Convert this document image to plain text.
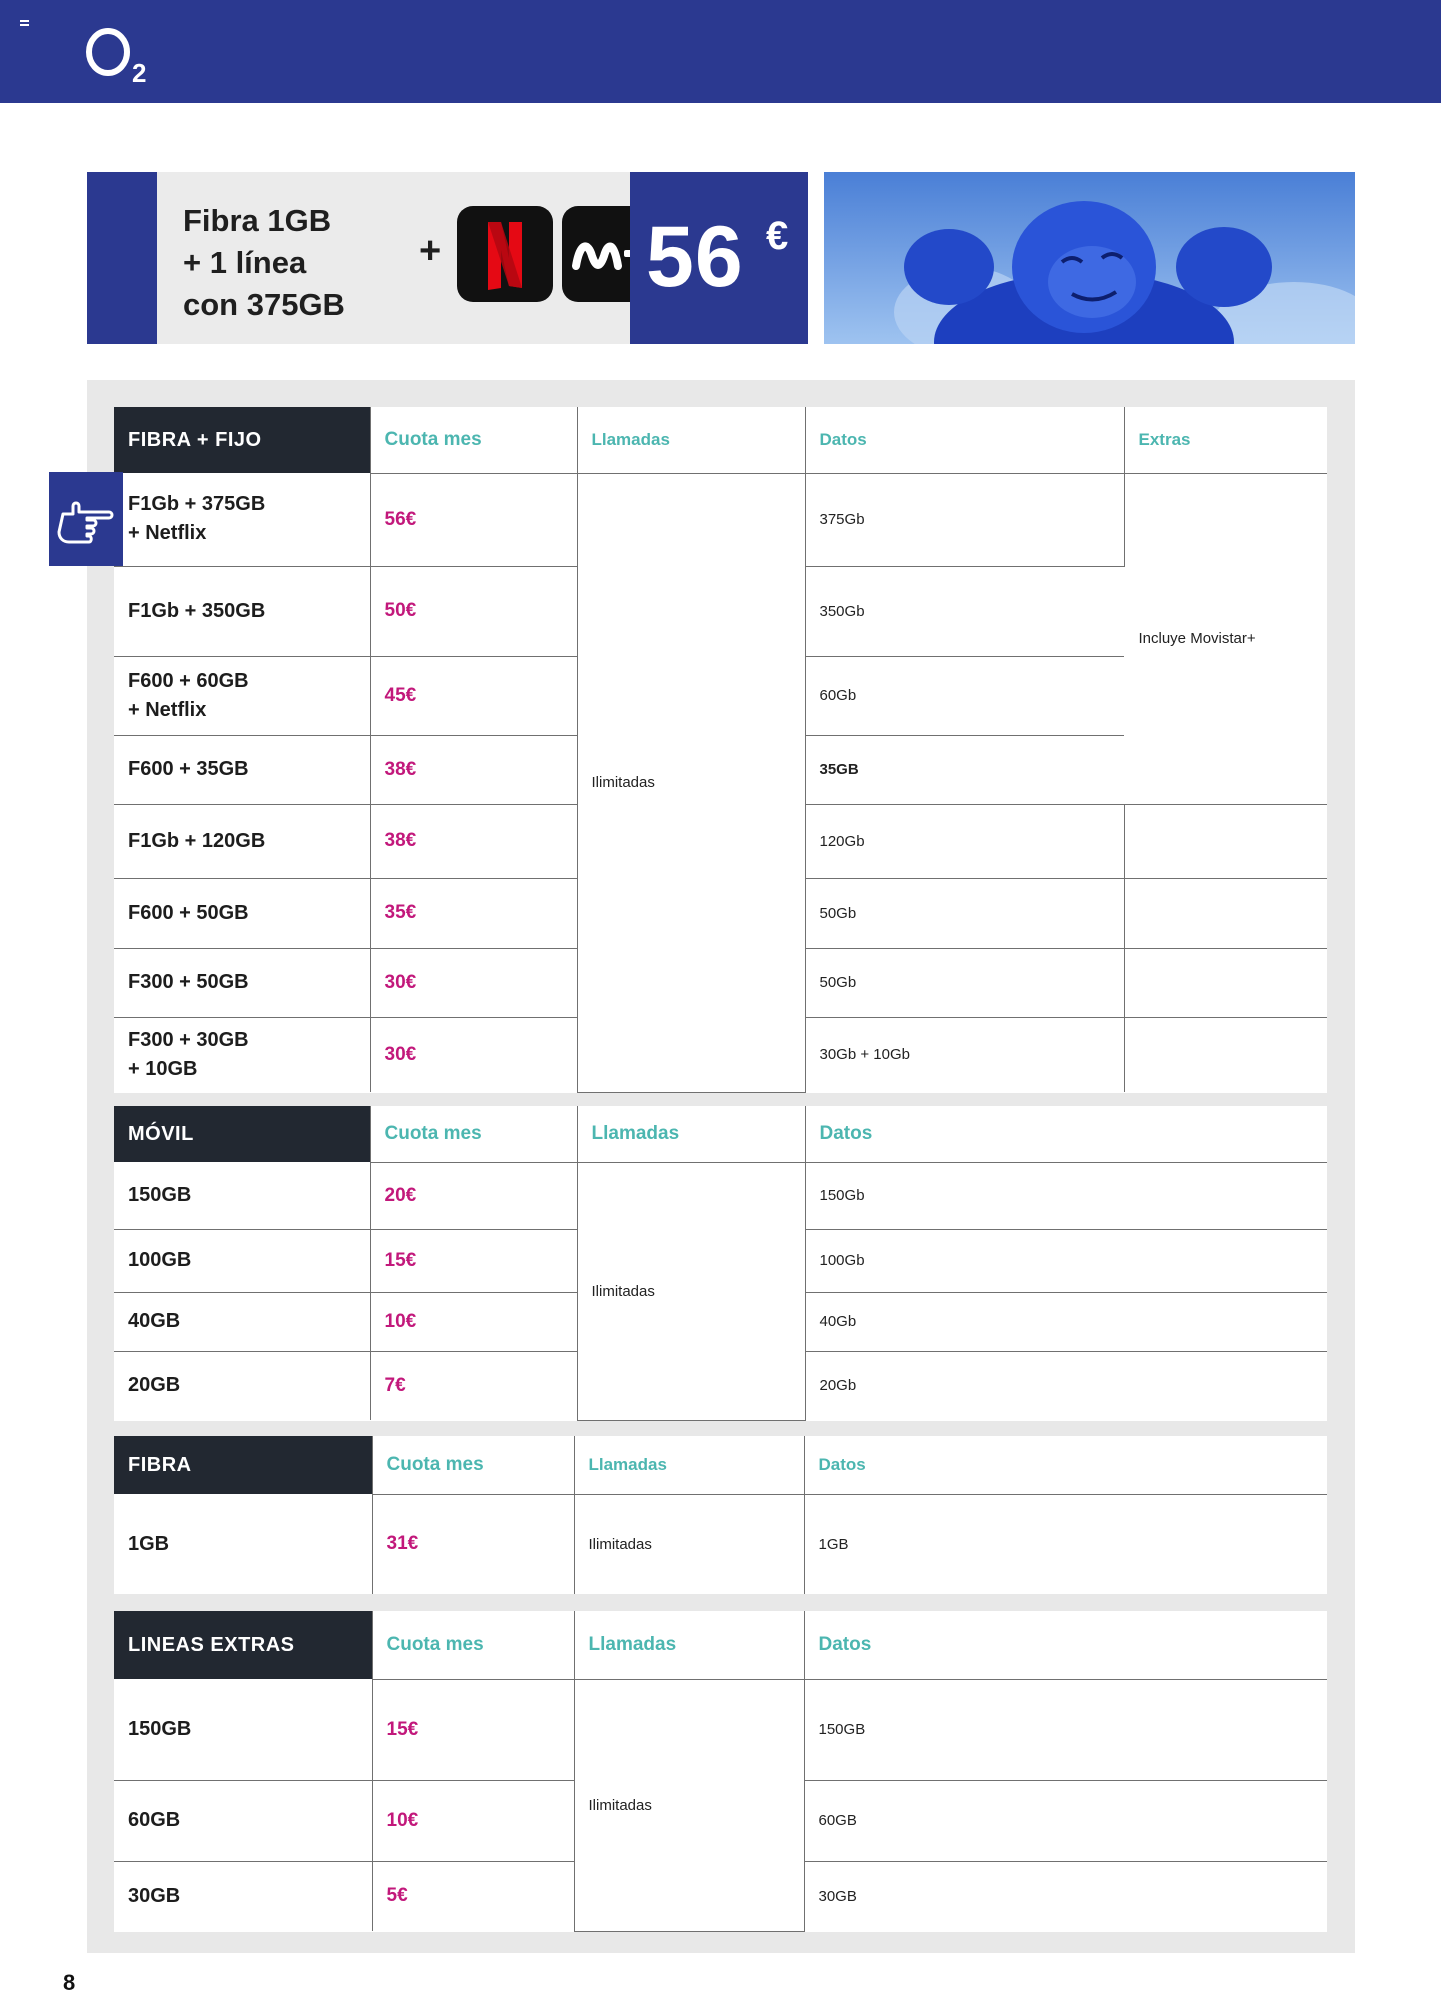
2
Fibra 1GB
+ 1 línea
con 375GB
+ 56 €
FIBRA + FIJO	Cuota mes	Llamadas	Datos	Extras

F1Gb + 375GB
+ Netflix	56€	Ilimitadas	375Gb	Incluye Movistar+
F1Gb + 350GB	50€		350Gb	

F600 + 60GB
+ Netflix	45€		60Gb	
F600 + 35GB	38€		35GB	
F1Gb + 120GB	38€		120Gb	
F600 + 50GB	35€		50Gb	
F300 + 50GB	30€		50Gb	

F300 + 30GB
+ 10GB	30€		30Gb + 10Gb	
MÓVIL	Cuota mes	Llamadas	Datos
150GB	20€	Ilimitadas	150Gb
100GB	15€		100Gb
40GB	10€		40Gb
20GB	7€		20Gb
FIBRA	Cuota mes	Llamadas	Datos
1GB	31€	Ilimitadas	1GB
LINEAS EXTRAS	Cuota mes	Llamadas	Datos
150GB	15€	Ilimitadas	150GB
60GB	10€		60GB
30GB	5€		30GB
8
